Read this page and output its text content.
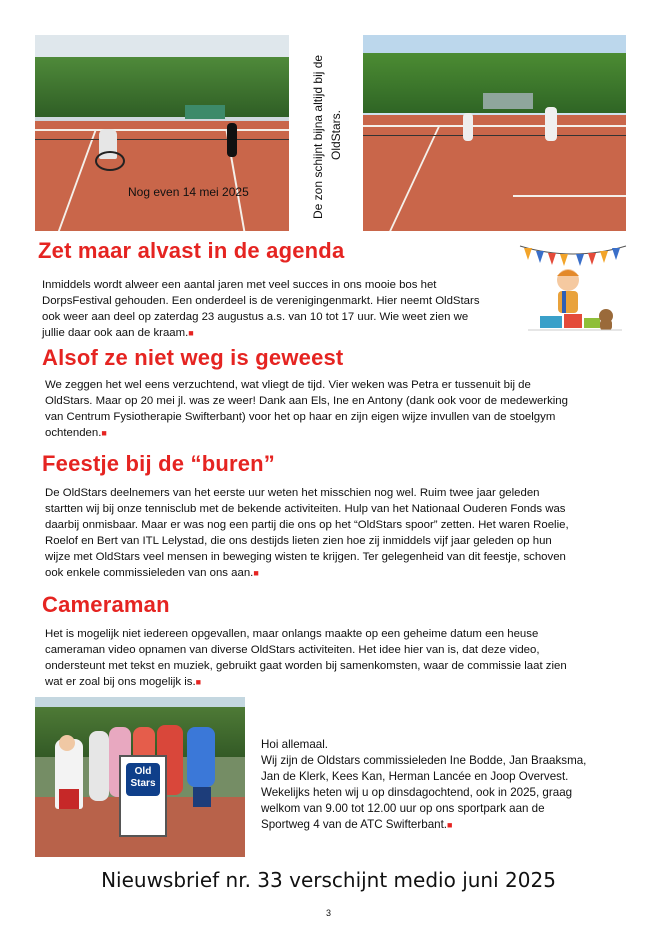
Nog even 14 mei 2025	De zon schijnt bijna altijd bij de OldStars.
Zet maar alvast in de agenda

Inmiddels wordt alweer een aantal jaren met veel succes in ons mooie bos het
DorpsFestival gehouden. Een onderdeel is de verenigingenmarkt. Hier neemt OldStars
ook weer aan deel op zaterdag 23 augustus a.s. van 10 tot 17 uur. Wie weet zien we
jullie daar ook aan de kraam.■

Alsof ze niet weg is geweest

We zeggen het wel eens verzuchtend, wat vliegt de tijd. Vier weken was Petra er tussenuit bij de
OldStars. Maar op 20 mei jl. was ze weer! Dank aan Els, Ine en Antony (dank ook voor de medewerking
van Centrum Fysiotherapie Swifterbant) voor het op haar en zijn eigen wijze invullen van de stoelgym
ochtenden.■

Feestje bij de “buren”

De OldStars deelnemers van het eerste uur weten het misschien nog wel. Ruim twee jaar geleden
startten wij bij onze tennisclub met de bekende activiteiten. Hulp van het Nationaal Ouderen Fonds was
daarbij onmisbaar. Maar er was nog een partij die ons op het “OldStars spoor” zetten. Het waren Roelie,
Roelof en Bert van ITL Lelystad, die ons destijds lieten zien hoe zij inmiddels vijf jaar geleden op hun
wijze met OldStars veel mensen in beweging wisten te krijgen. Ter gelegenheid van dit feestje, schoven
ook enkele commissieleden van ons aan.■

Cameraman

Het is mogelijk niet iedereen opgevallen, maar onlangs maakte op een geheime datum een heuse
cameraman video opnamen van diverse OldStars activiteiten. Het idee hier van is, dat deze video,
ondersteunt met tekst en muziek, gebruikt gaat worden bij samenkomsten, waar de commissie laat zien
wat er zoal bij ons mogelijk is.■

Old
Stars

Hoi allemaal.
Wij zijn de Oldstars commissieleden Ine Bodde, Jan Braaksma,
Jan de Klerk, Kees Kan, Herman Lancée en Joop Overvest.
Wekelijks heten wij u op dinsdagochtend, ook in 2025, graag
welkom van 9.00 tot 12.00 uur op ons sportpark aan de
Sportweg 4 van de ATC Swifterbant.■

Nieuwsbrief nr. 33 verschijnt medio juni 2025
3
